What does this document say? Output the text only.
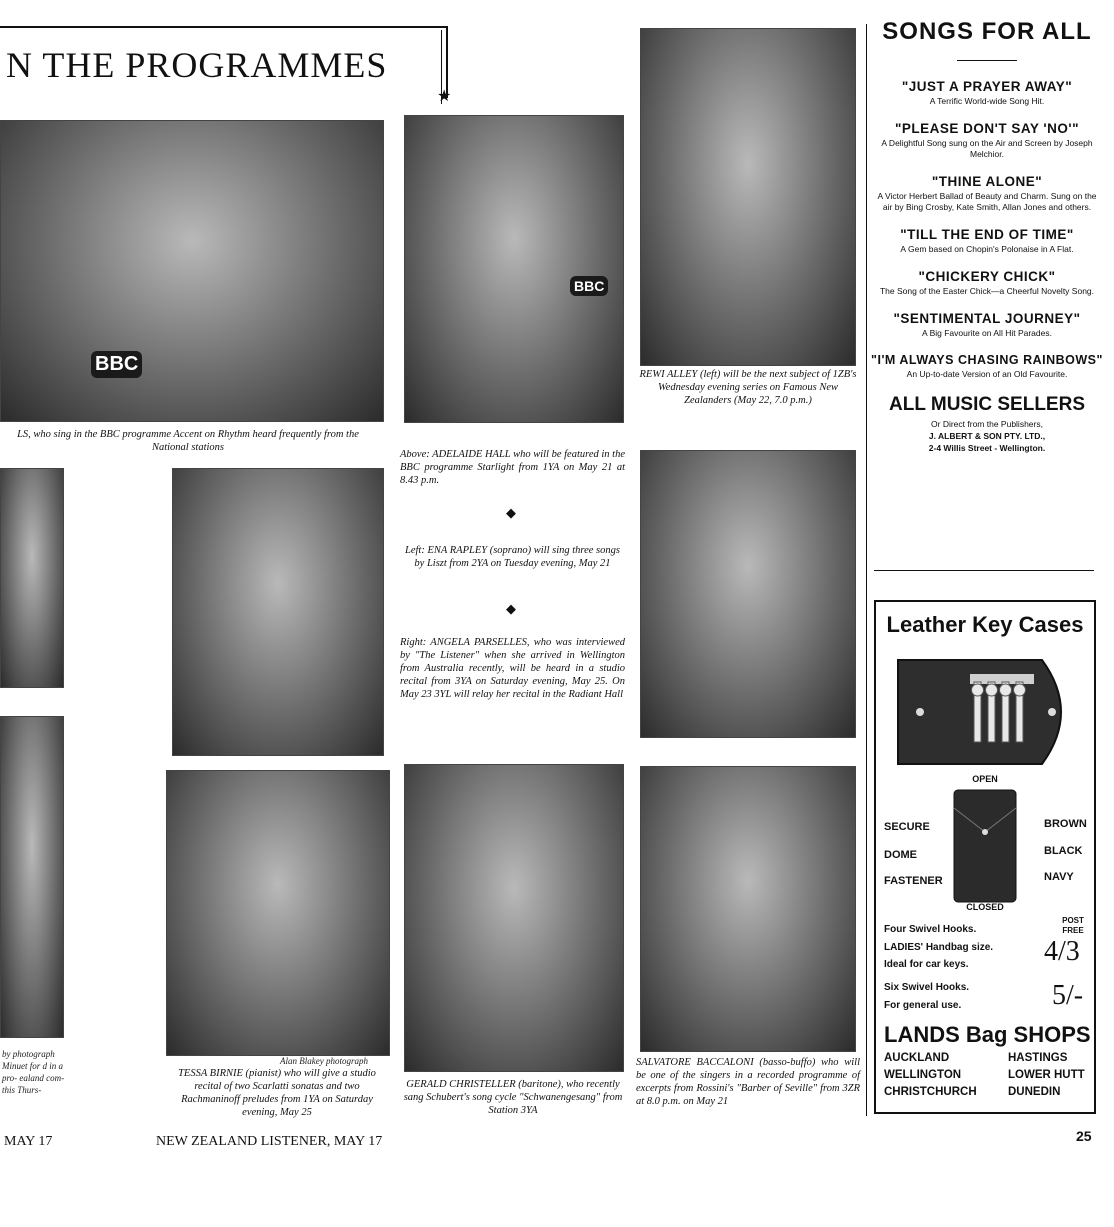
N THE PROGRAMMES
★
BBC
LS, who sing in the BBC programme Accent on Rhythm heard frequently from the National stations
BBC
Above: ADELAIDE HALL who will be featured in the BBC programme Starlight from 1YA on May 21 at 8.43 p.m.
◆
Left: ENA RAPLEY (soprano) will sing three songs by Liszt from 2YA on Tuesday evening, May 21
◆
Right: ANGELA PARSELLES, who was interviewed by "The Listener" when she arrived in Wellington from Australia recently, will be heard in a studio recital from 3YA on Saturday evening, May 25. On May 23 3YL will relay her recital in the Radiant Hall
REWI ALLEY (left) will be the next subject of 1ZB's Wednesday evening series on Famous New Zealanders (May 22, 7.0 p.m.)
by photograph Minuet for d in a pro- ealand com- this Thurs-
Alan Blakey photograph
TESSA BIRNIE (pianist) who will give a studio recital of two Scarlatti sonatas and two Rachmaninoff preludes from 1YA on Saturday evening, May 25
GERALD CHRISTELLER (baritone), who recently sang Schubert's song cycle "Schwanengesang" from Station 3YA
SALVATORE BACCALONI (basso-buffo) who will be one of the singers in a recorded programme of excerpts from Rossini's "Barber of Seville" from 3ZR at 8.0 p.m. on May 21
SONGS FOR ALL

"JUST A PRAYER AWAY"

A Terrific World-wide Song Hit.

"PLEASE DON'T SAY 'NO'"

A Delightful Song sung on the Air and Screen by Joseph Melchior.

"THINE ALONE"

A Victor Herbert Ballad of Beauty and Charm. Sung on the air by Bing Crosby, Kate Smith, Allan Jones and others.

"TILL THE END OF TIME"

A Gem based on Chopin's Polonaise in A Flat.

"CHICKERY CHICK"

The Song of the Easter Chick—a Cheerful Novelty Song.

"SENTIMENTAL JOURNEY"

A Big Favourite on All Hit Parades.

"I'M ALWAYS CHASING RAINBOWS"

An Up-to-date Version of an Old Favourite.

ALL MUSIC SELLERS

Or Direct from the Publishers,

J. ALBERT & SON PTY. LTD.,

2-4 Willis Street - Wellington.

Leather Key Cases
OPEN
SECURE
DOME
FASTENER
BROWN
BLACK
NAVY
CLOSED
POST FREE
Four Swivel Hooks.
LADIES' Handbag size.
Ideal for car keys.	4/3
Six Swivel Hooks.
For general use.	5/-
LANDS Bag SHOPS
AUCKLAND	HASTINGS
WELLINGTON	LOWER HUTT
CHRISTCHURCH	DUNEDIN
MAY 17	NEW ZEALAND LISTENER, MAY 17	25
